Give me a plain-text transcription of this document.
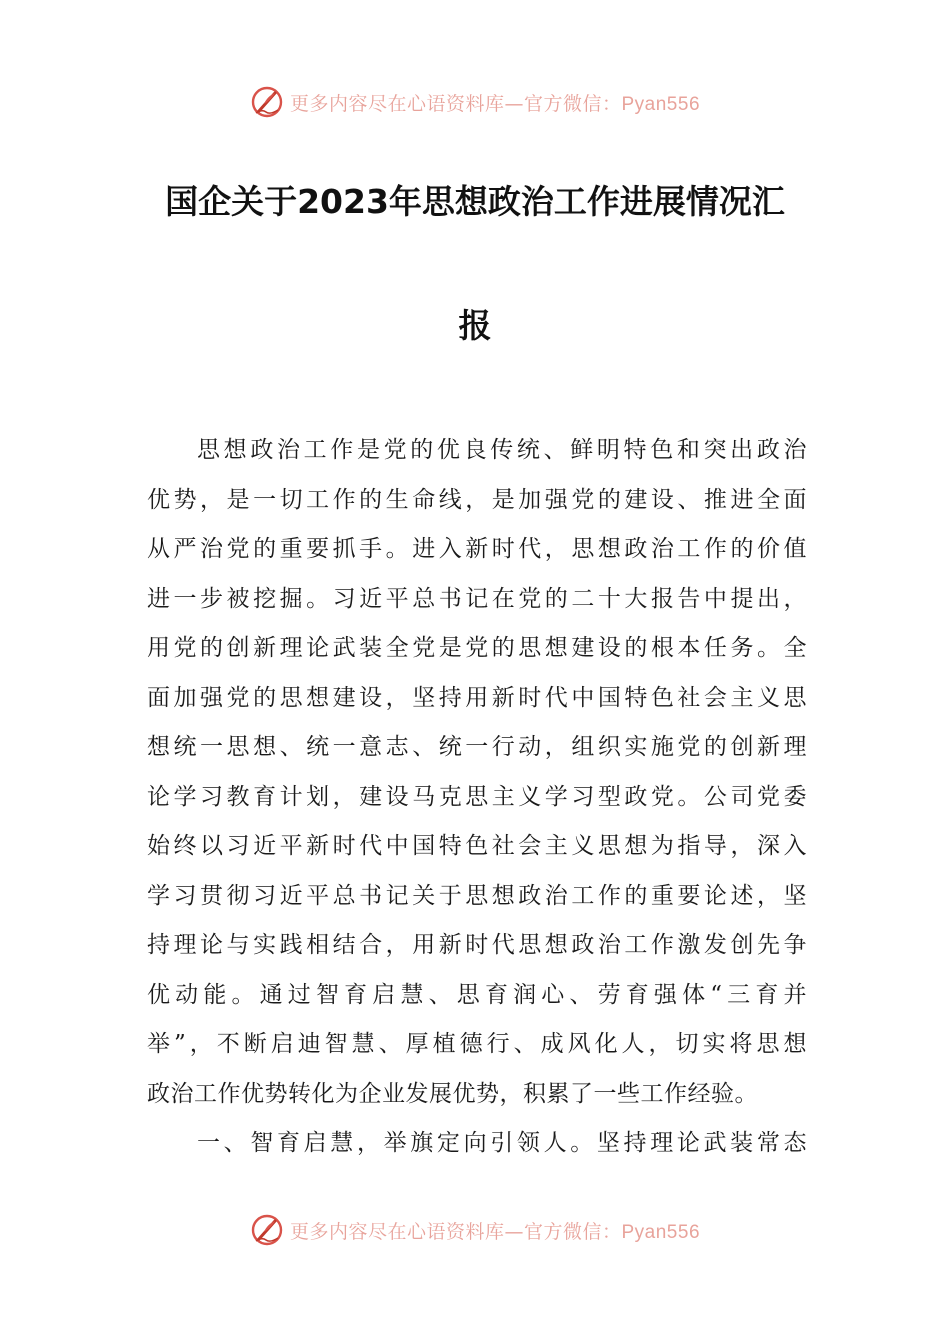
更多内容尽在心语资料库—官方微信：Pyan556
国企关于2023年思想政治工作进展情况汇
报
思想政治工作是党的优良传统、鲜明特色和突出政治
优势，是一切工作的生命线，是加强党的建设、推进全面
从严治党的重要抓手。进入新时代，思想政治工作的价值
进一步被挖掘。习近平总书记在党的二十大报告中提出，
用党的创新理论武装全党是党的思想建设的根本任务。全
面加强党的思想建设，坚持用新时代中国特色社会主义思
想统一思想、统一意志、统一行动，组织实施党的创新理
论学习教育计划，建设马克思主义学习型政党。公司党委
始终以习近平新时代中国特色社会主义思想为指导，深入
学习贯彻习近平总书记关于思想政治工作的重要论述，坚
持理论与实践相结合，用新时代思想政治工作激发创先争
优动能。通过智育启慧、思育润心、劳育强体“三育并
举”，不断启迪智慧、厚植德行、成风化人，切实将思想
政治工作优势转化为企业发展优势，积累了一些工作经验。
一、智育启慧，举旗定向引领人。坚持理论武装常态
更多内容尽在心语资料库—官方微信：Pyan556
